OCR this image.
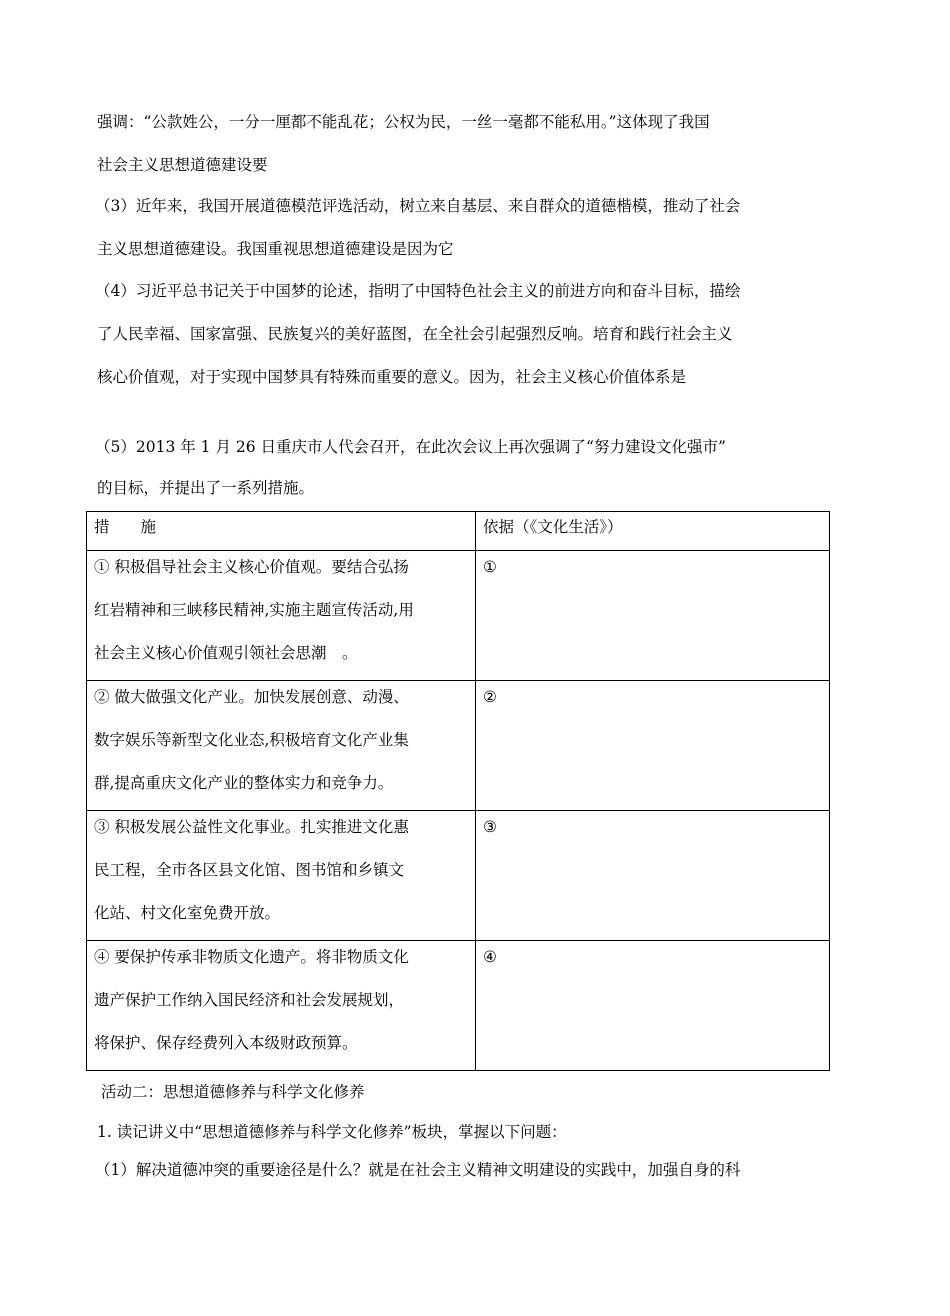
强调：“公款姓公，一分一厘都不能乱花；公权为民，一丝一毫都不能私用。”这体现了我国
社会主义思想道德建设要
（3）近年来，我国开展道德模范评选活动，树立来自基层、来自群众的道德楷模，推动了社会
主义思想道德建设。我国重视思想道德建设是因为它
（4）习近平总书记关于中国梦的论述，指明了中国特色社会主义的前进方向和奋斗目标，描绘
了人民幸福、国家富强、民族复兴的美好蓝图，在全社会引起强烈反响。培育和践行社会主义
核心价值观，对于实现中国梦具有特殊而重要的意义。因为，社会主义核心价值体系是
（5）2013 年 1 月 26 日重庆市人代会召开，在此次会议上再次强调了“努力建设文化强市”
的目标，并提出了一系列措施。
措　　施	依据（《文化生活》）

① 积极倡导社会主义核心价值观。要结合弘扬
红岩精神和三峡移民精神,实施主题宣传活动,用
社会主义核心价值观引领社会思潮　。	①

② 做大做强文化产业。加快发展创意、动漫、
数字娱乐等新型文化业态,积极培育文化产业集
群,提高重庆文化产业的整体实力和竞争力。	②

③ 积极发展公益性文化事业。扎实推进文化惠
民工程，全市各区县文化馆、图书馆和乡镇文
化站、村文化室免费开放。	③

④ 要保护传承非物质文化遗产。将非物质文化
遗产保护工作纳入国民经济和社会发展规划，
将保护、保存经费列入本级财政预算。	④
活动二：思想道德修养与科学文化修养
1. 读记讲义中“思想道德修养与科学文化修养”板块，掌握以下问题：
（1）解决道德冲突的重要途径是什么？就是在社会主义精神文明建设的实践中，加强自身的科
